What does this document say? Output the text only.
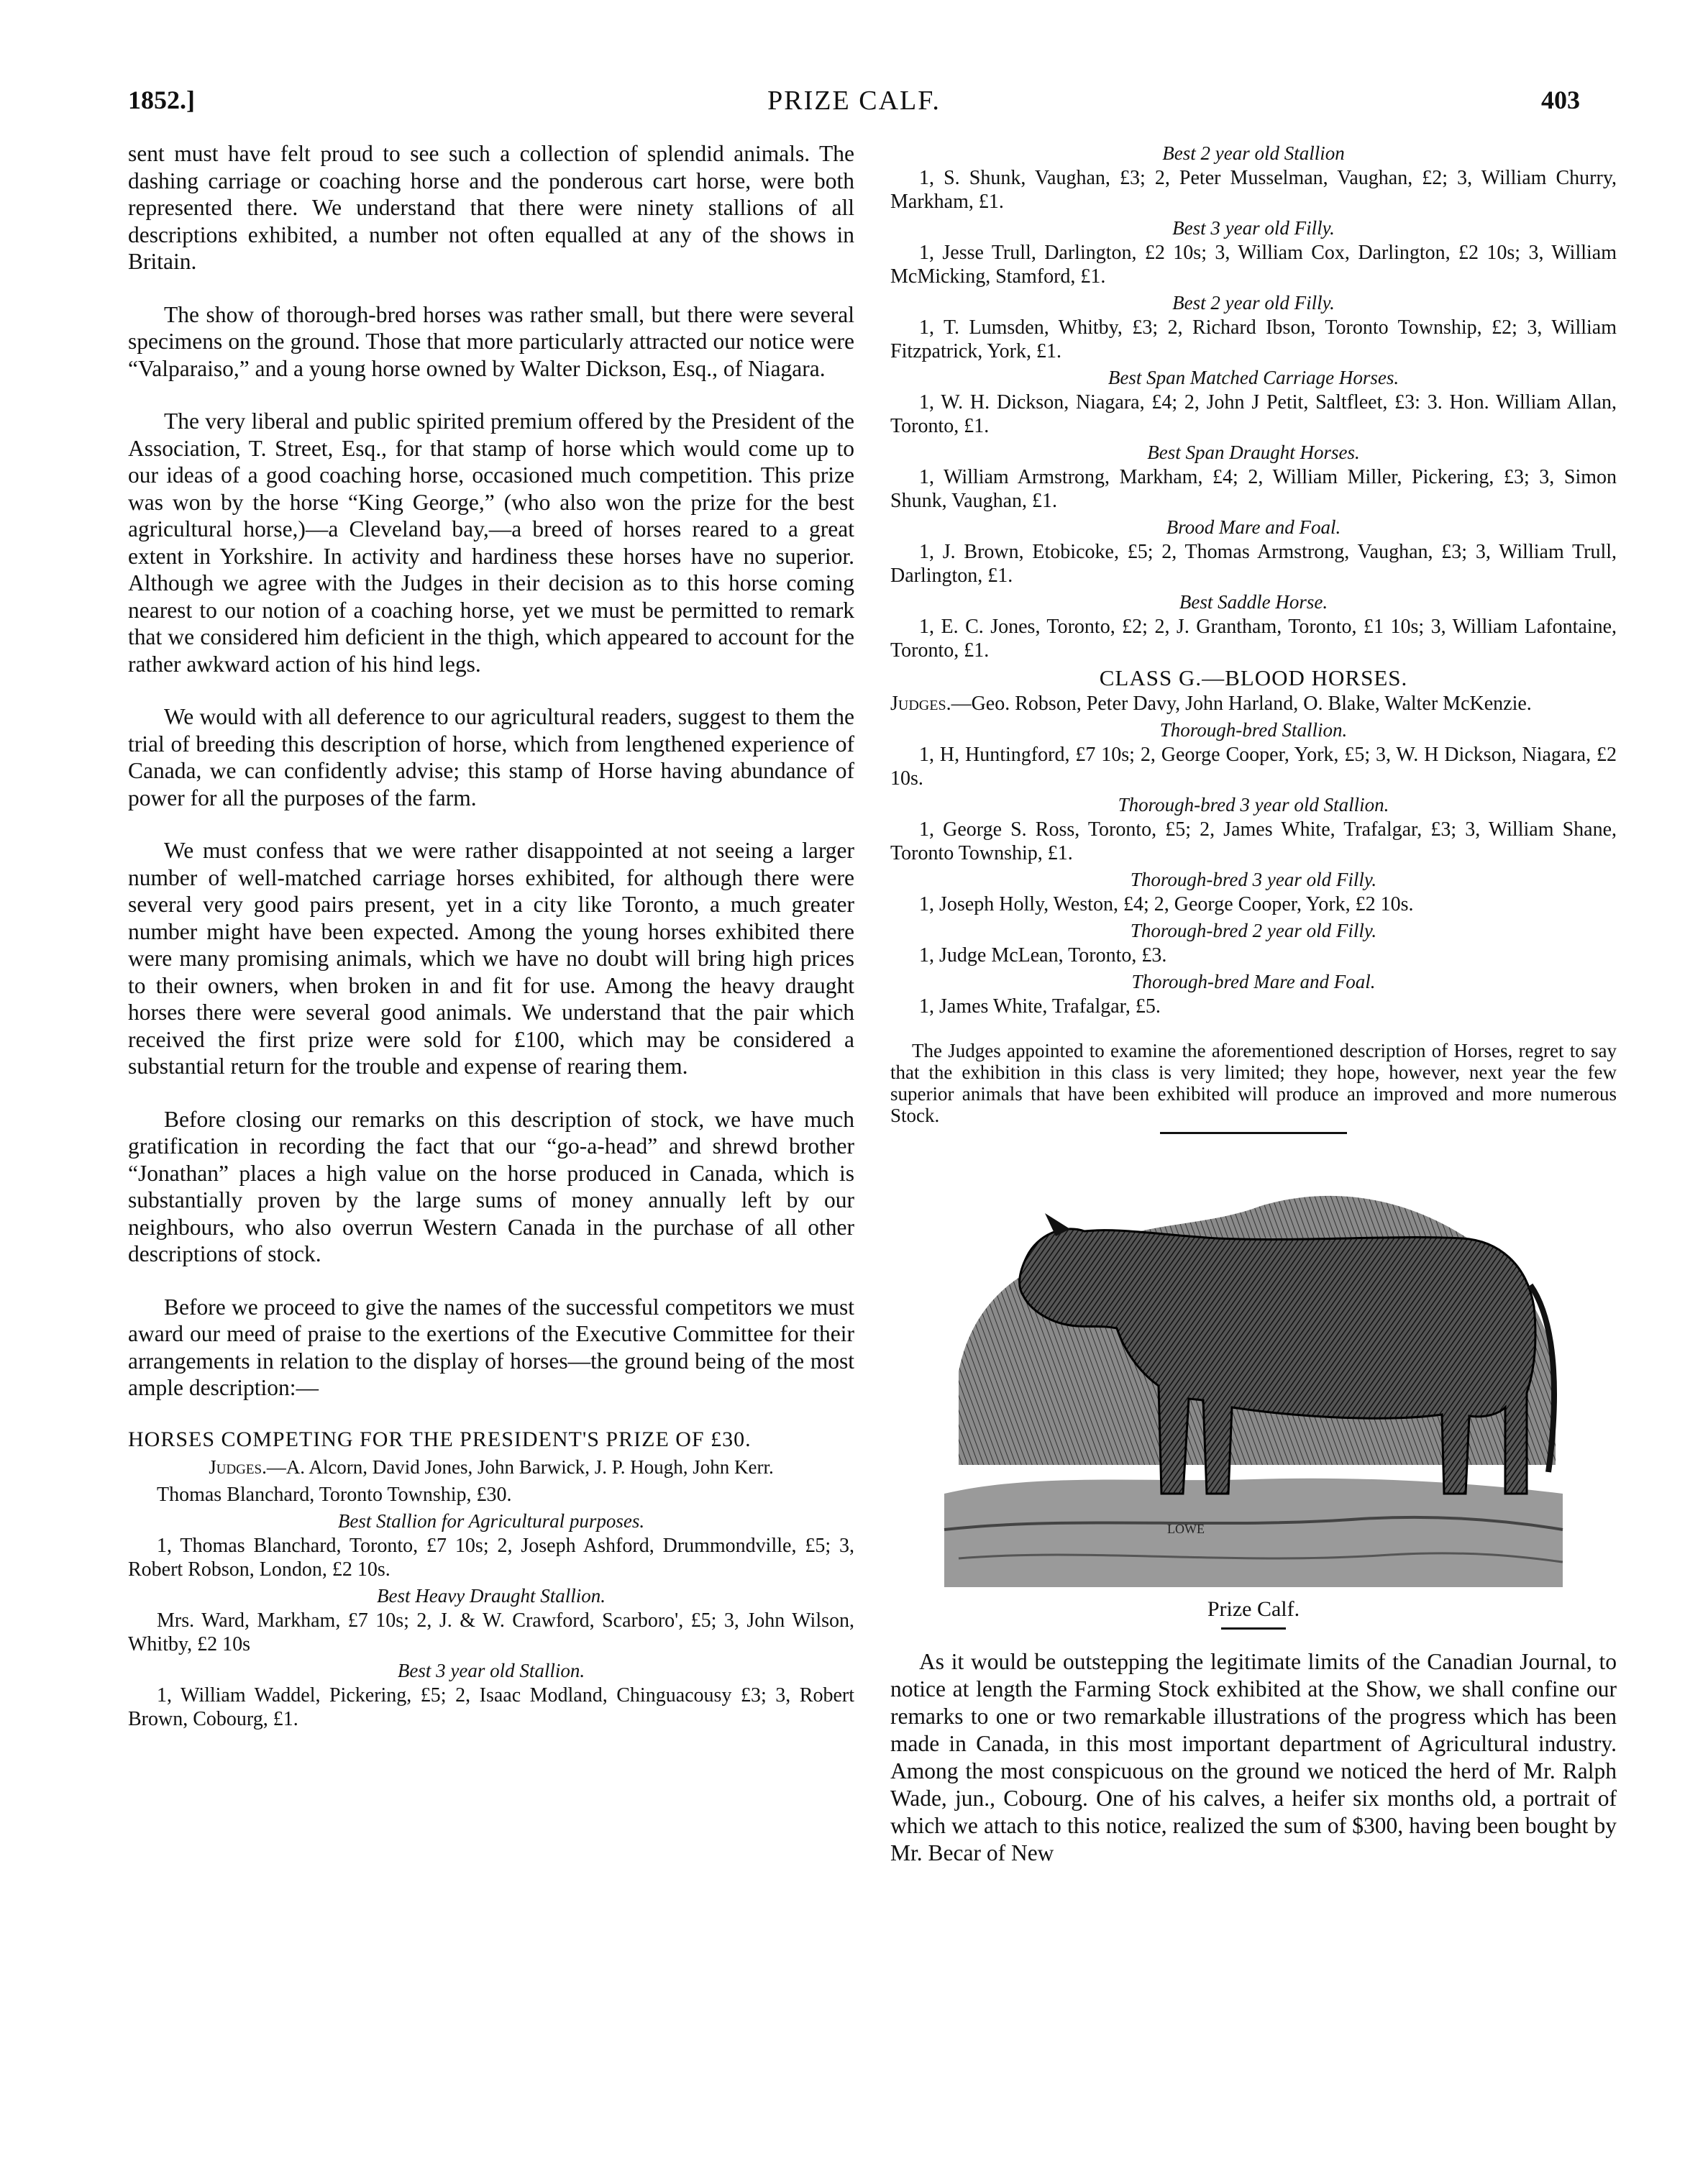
1852.]	PRIZE CALF.	403

sent must have felt proud to see such a collection of splendid animals. The dashing carriage or coaching horse and the ponderous cart horse, were both represented there. We understand that there were ninety stallions of all descriptions exhibited, a number not often equalled at any of the shows in Britain.

The show of thorough-bred horses was rather small, but there were several specimens on the ground. Those that more particularly attracted our notice were “Valparaiso,” and a young horse owned by Walter Dickson, Esq., of Niagara.

The very liberal and public spirited premium offered by the President of the Association, T. Street, Esq., for that stamp of horse which would come up to our ideas of a good coaching horse, occasioned much competition. This prize was won by the horse “King George,” (who also won the prize for the best agricultural horse,)—a Cleveland bay,—a breed of horses reared to a great extent in Yorkshire. In activity and hardiness these horses have no superior. Although we agree with the Judges in their decision as to this horse coming nearest to our notion of a coaching horse, yet we must be permitted to remark that we considered him deficient in the thigh, which appeared to account for the rather awkward action of his hind legs.

We would with all deference to our agricultural readers, suggest to them the trial of breeding this description of horse, which from lengthened experience of Canada, we can confidently advise; this stamp of Horse having abundance of power for all the purposes of the farm.

We must confess that we were rather disappointed at not seeing a larger number of well-matched carriage horses exhibited, for although there were several very good pairs present, yet in a city like Toronto, a much greater number might have been expected. Among the young horses exhibited there were many promising animals, which we have no doubt will bring high prices to their owners, when broken in and fit for use. Among the heavy draught horses there were several good animals. We understand that the pair which received the first prize were sold for £100, which may be considered a substantial return for the trouble and expense of rearing them.

Before closing our remarks on this description of stock, we have much gratification in recording the fact that our “go-a-head” and shrewd brother “Jonathan” places a high value on the horse produced in Canada, which is substantially proven by the large sums of money annually left by our neighbours, who also overrun Western Canada in the purchase of all other descriptions of stock.

Before we proceed to give the names of the successful competitors we must award our meed of praise to the exertions of the Executive Committee for their arrangements in relation to the display of horses—the ground being of the most ample description:—

HORSES COMPETING FOR THE PRESIDENT'S PRIZE OF £30.
Judges.—A. Alcorn, David Jones, John Barwick, J. P. Hough, John Kerr.

Thomas Blanchard, Toronto Township, £30.

Best Stallion for Agricultural purposes.

1, Thomas Blanchard, Toronto, £7 10s; 2, Joseph Ashford, Drummondville, £5; 3, Robert Robson, London, £2 10s.

Best Heavy Draught Stallion.

Mrs. Ward, Markham, £7 10s; 2, J. & W. Crawford, Scarboro', £5; 3, John Wilson, Whitby, £2 10s

Best 3 year old Stallion.

1, William Waddel, Pickering, £5; 2, Isaac Modland, Chinguacousy £3; 3, Robert Brown, Cobourg, £1.

Best 2 year old Stallion

1, S. Shunk, Vaughan, £3; 2, Peter Musselman, Vaughan, £2; 3, William Churry, Markham, £1.

Best 3 year old Filly.

1, Jesse Trull, Darlington, £2 10s; 3, William Cox, Darlington, £2 10s; 3, William McMicking, Stamford, £1.

Best 2 year old Filly.

1, T. Lumsden, Whitby, £3; 2, Richard Ibson, Toronto Township, £2; 3, William Fitzpatrick, York, £1.

Best Span Matched Carriage Horses.

1, W. H. Dickson, Niagara, £4; 2, John J Petit, Saltfleet, £3: 3. Hon. William Allan, Toronto, £1.

Best Span Draught Horses.

1, William Armstrong, Markham, £4; 2, William Miller, Pickering, £3; 3, Simon Shunk, Vaughan, £1.

Brood Mare and Foal.

1, J. Brown, Etobicoke, £5; 2, Thomas Armstrong, Vaughan, £3; 3, William Trull, Darlington, £1.

Best Saddle Horse.

1, E. C. Jones, Toronto, £2; 2, J. Grantham, Toronto, £1 10s; 3, William Lafontaine, Toronto, £1.

CLASS G.—BLOOD HORSES.

Judges.—Geo. Robson, Peter Davy, John Harland, O. Blake, Walter McKenzie.

Thorough-bred Stallion.

1, H, Huntingford, £7 10s; 2, George Cooper, York, £5; 3, W. H Dickson, Niagara, £2 10s.

Thorough-bred 3 year old Stallion.

1, George S. Ross, Toronto, £5; 2, James White, Trafalgar, £3; 3, William Shane, Toronto Township, £1.

Thorough-bred 3 year old Filly.

1, Joseph Holly, Weston, £4; 2, George Cooper, York, £2 10s.

Thorough-bred 2 year old Filly.

1, Judge McLean, Toronto, £3.

Thorough-bred Mare and Foal.

1, James White, Trafalgar, £5.

The Judges appointed to examine the aforementioned description of Horses, regret to say that the exhibition in this class is very limited; they hope, however, next year the few superior animals that have been exhibited will produce an improved and more numerous Stock.

LOWE
Prize Calf.

As it would be outstepping the legitimate limits of the Canadian Journal, to notice at length the Farming Stock exhibited at the Show, we shall confine our remarks to one or two remarkable illustrations of the progress which has been made in Canada, in this most important department of Agricultural industry. Among the most conspicuous on the ground we noticed the herd of Mr. Ralph Wade, jun., Cobourg. One of his calves, a heifer six months old, a portrait of which we attach to this notice, realized the sum of $300, having been bought by Mr. Becar of New
